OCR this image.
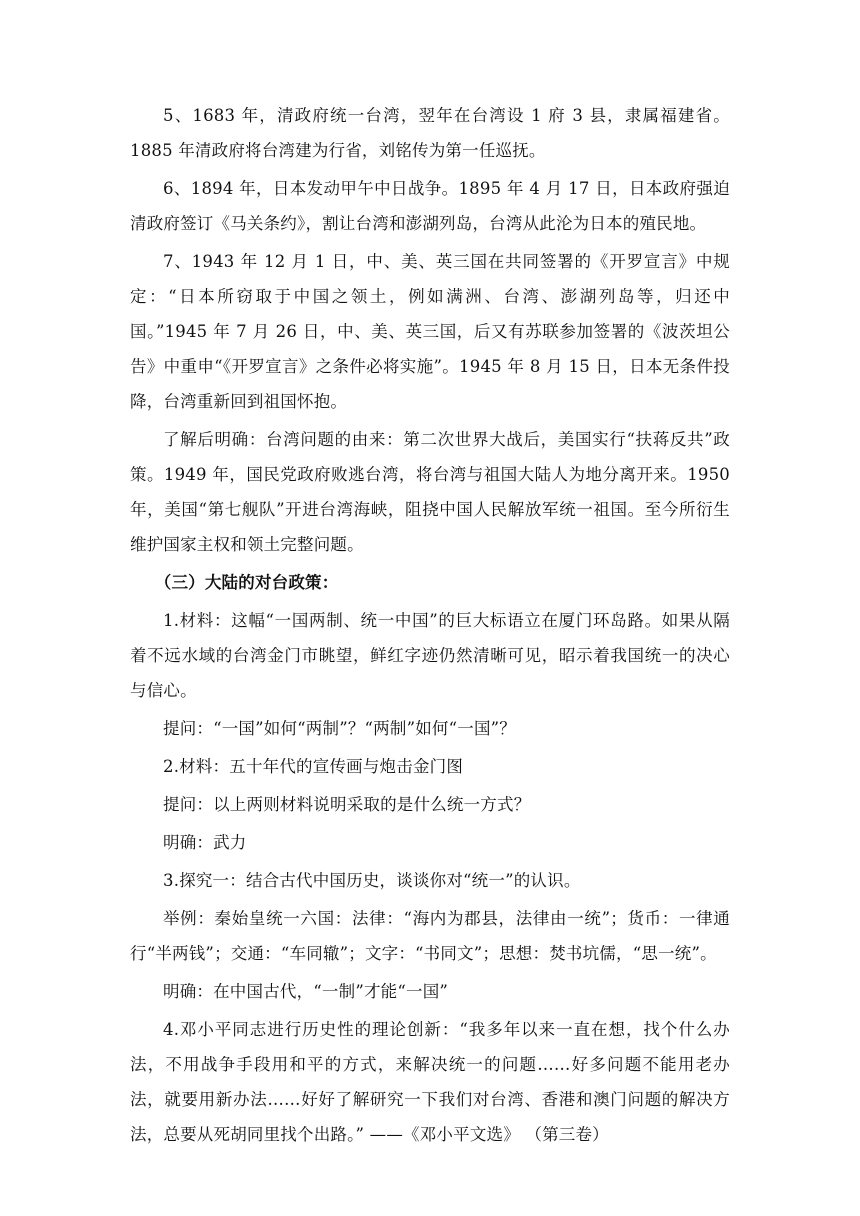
5、1683 年，清政府统一台湾，翌年在台湾设 1 府 3 县，隶属福建省。1885 年清政府将台湾建为行省，刘铭传为第一任巡抚。

6、1894 年，日本发动甲午中日战争。1895 年 4 月 17 日，日本政府强迫清政府签订《马关条约》，割让台湾和澎湖列岛，台湾从此沦为日本的殖民地。

7、1943 年 12 月 1 日，中、美、英三国在共同签署的《开罗宣言》中规定：“日本所窃取于中国之领土，例如满洲、台湾、澎湖列岛等，归还中国。”1945 年 7 月 26 日，中、美、英三国，后又有苏联参加签署的《波茨坦公告》中重申“《开罗宣言》之条件必将实施”。1945 年 8 月 15 日，日本无条件投降，台湾重新回到祖国怀抱。

了解后明确：台湾问题的由来：第二次世界大战后，美国实行“扶蒋反共”政策。1949 年，国民党政府败逃台湾，将台湾与祖国大陆人为地分离开来。1950 年，美国“第七舰队”开进台湾海峡，阻挠中国人民解放军统一祖国。至今所衍生维护国家主权和领土完整问题。

（三）大陆的对台政策：

1.材料：这幅“一国两制、统一中国”的巨大标语立在厦门环岛路。如果从隔着不远水域的台湾金门市眺望，鲜红字迹仍然清晰可见，昭示着我国统一的决心与信心。

提问：“一国”如何“两制”？“两制”如何“一国”？

2.材料：五十年代的宣传画与炮击金门图

提问：以上两则材料说明采取的是什么统一方式？

明确：武力

3.探究一：结合古代中国历史，谈谈你对“统一”的认识。

举例：秦始皇统一六国：法律：“海内为郡县，法律由一统”；货币：一律通行“半两钱”；交通：“车同辙”；文字：“书同文”；思想：焚书坑儒，“思一统”。

明确：在中国古代，“一制”才能“一国”

4.邓小平同志进行历史性的理论创新：“我多年以来一直在想，找个什么办法，不用战争手段用和平的方式，来解决统一的问题……好多问题不能用老办法，就要用新办法……好好了解研究一下我们对台湾、香港和澳门问题的解决方法，总要从死胡同里找个出路。” ——《邓小平文选》 （第三卷）
